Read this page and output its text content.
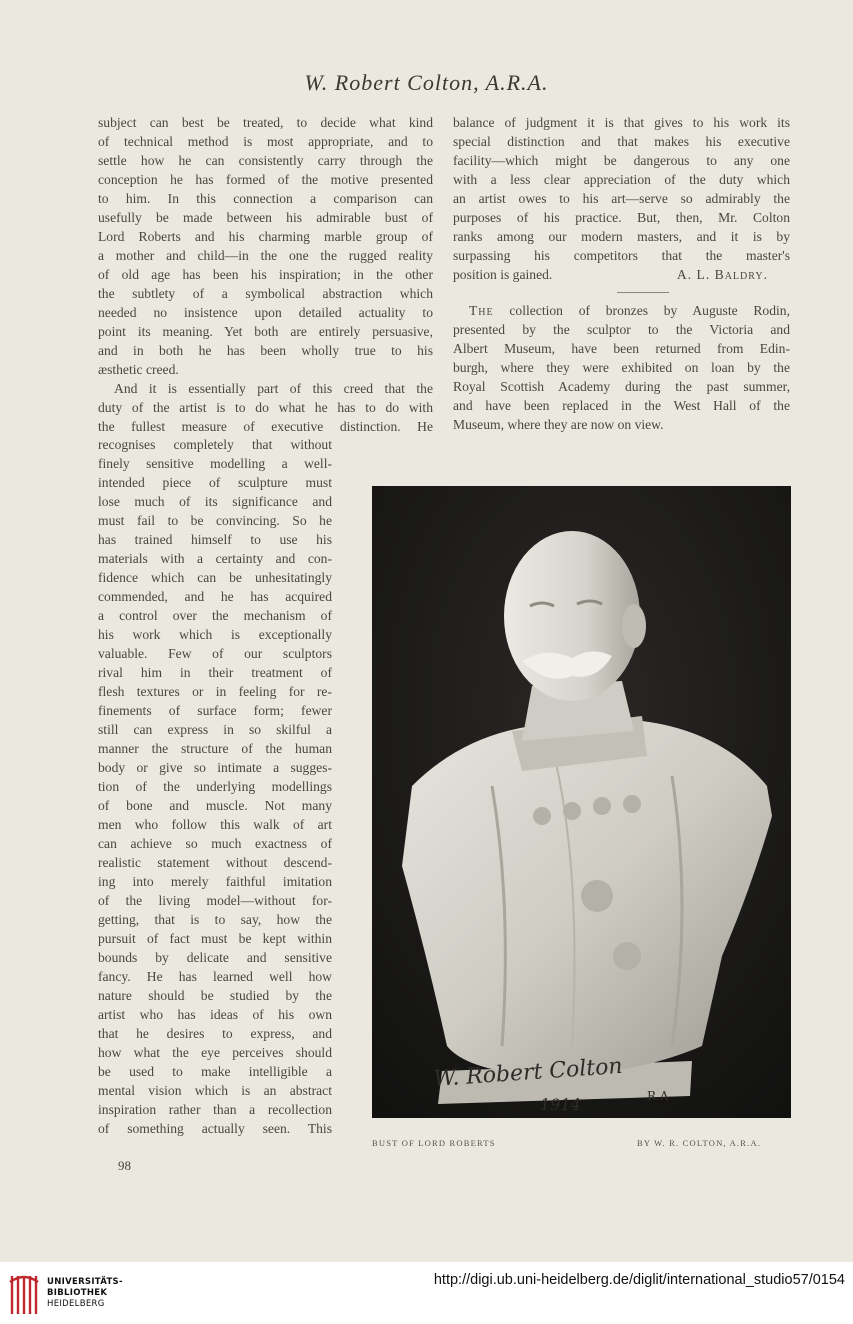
W. Robert Colton, A.R.A.
subject can best be treated, to decide what kind
of technical method is most appropriate, and to
settle how he can consistently carry through the
conception he has formed of the motive presented
to him. In this connection a comparison can
usefully be made between his admirable bust of
Lord Roberts and his charming marble group of
a mother and child—in the one the rugged reality
of old age has been his inspiration; in the other
the subtlety of a symbolical abstraction which
needed no insistence upon detailed actuality to
point its meaning. Yet both are entirely persuasive,
and in both he has been wholly true to his
æsthetic creed.
And it is essentially part of this creed that the
duty of the artist is to do what he has to do with
the fullest measure of executive distinction. He
recognises completely that without
finely sensitive modelling a well-
intended piece of sculpture must
lose much of its significance and
must fail to be convincing. So he
has trained himself to use his
materials with a certainty and con-
fidence which can be unhesitatingly
commended, and he has acquired
a control over the mechanism of
his work which is exceptionally
valuable. Few of our sculptors
rival him in their treatment of
flesh textures or in feeling for re-
finements of surface form; fewer
still can express in so skilful a
manner the structure of the human
body or give so intimate a sugges-
tion of the underlying modellings
of bone and muscle. Not many
men who follow this walk of art
can achieve so much exactness of
realistic statement without descend-
ing into merely faithful imitation
of the living model—without for-
getting, that is to say, how the
pursuit of fact must be kept within
bounds by delicate and sensitive
fancy. He has learned well how
nature should be studied by the
artist who has ideas of his own
that he desires to express, and
how what the eye perceives should
be used to make intelligible a
mental vision which is an abstract
inspiration rather than a recollection
of something actually seen. This
balance of judgment it is that gives to his work its
special distinction and that makes his executive
facility—which might be dangerous to any one
with a less clear appreciation of the duty which
an artist owes to his art—serve so admirably the
purposes of his practice. But, then, Mr. Colton
ranks among our modern masters, and it is by
surpassing his competitors that the master's
position is gained.	A. L. Baldry.
The collection of bronzes by Auguste Rodin,
presented by the sculptor to the Victoria and
Albert Museum, have been returned from Edin-
burgh, where they were exhibited on loan by the
Royal Scottish Academy during the past summer,
and have been replaced in the West Hall of the
Museum, where they are now on view.
W. Robert Colton
R.A
1914
BUST OF LORD ROBERTS	BY W. R. COLTON, A.R.A.
98
UNIVERSITÄTS-
BIBLIOTHEK
HEIDELBERG
http://digi.ub.uni-heidelberg.de/diglit/international_studio57/0154
